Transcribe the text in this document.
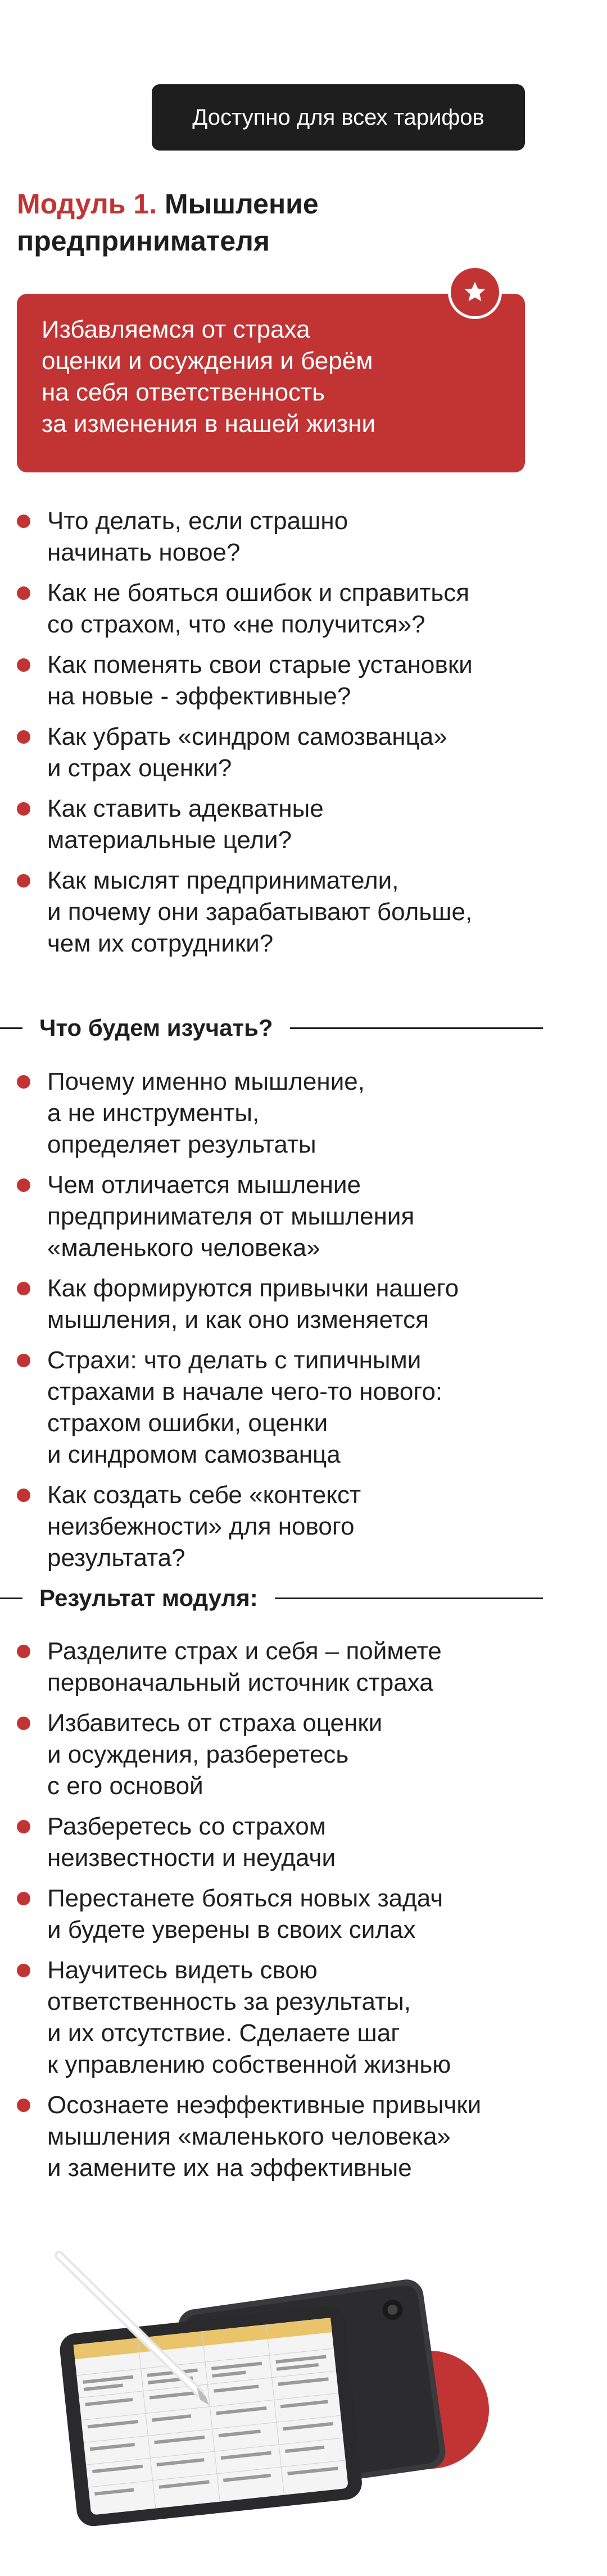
Доступно для всех тарифов
Модуль 1. Мышление
предпринимателя
Избавляемся от страха
оценки и осуждения и берём
на себя ответственность
за изменения в нашей жизни
Что делать, если страшно
начинать новое?
Как не бояться ошибок и справиться
со страхом, что «не получится»?
Как поменять свои старые установки
на новые - эффективные?
Как убрать «синдром самозванца»
и страх оценки?
Как ставить адекватные
материальные цели?
Как мыслят предприниматели,
и почему они зарабатывают больше,
чем их сотрудники?
Что будем изучать?
Почему именно мышление,
а не инструменты,
определяет результаты
Чем отличается мышление
предпринимателя от мышления
«маленького человека»
Как формируются привычки нашего
мышления, и как оно изменяется
Страхи: что делать с типичными
страхами в начале чего-то нового:
страхом ошибки, оценки
и синдромом самозванца
Как создать себе «контекст
неизбежности» для нового
результата?
Результат модуля:
Разделите страх и себя – поймете
первоначальный источник страха
Избавитесь от страха оценки
и осуждения, разберетесь
с его основой
Разберетесь со страхом
неизвестности и неудачи
Перестанете бояться новых задач
и будете уверены в своих силах
Научитесь видеть свою
ответственность за результаты,
и их отсутствие. Сделаете шаг
к управлению собственной жизнью
Осознаете неэффективные привычки
мышления «маленького человека»
и замените их на эффективные
